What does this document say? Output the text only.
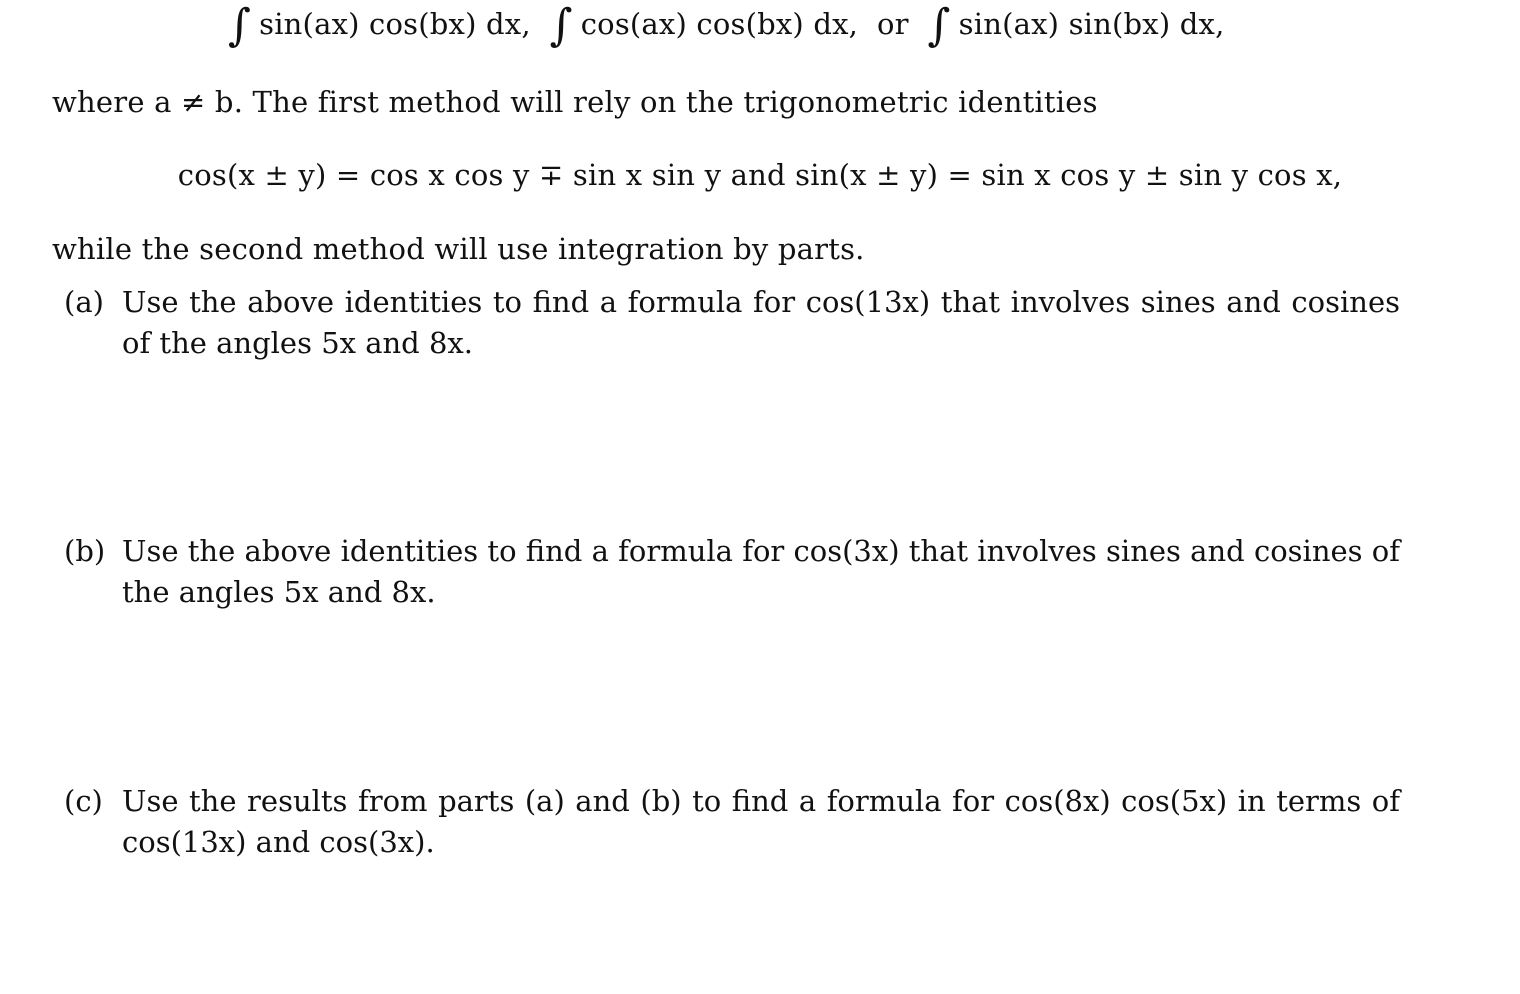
∫ sin(ax) cos(bx) dx, ∫ cos(ax) cos(bx) dx, or ∫ sin(ax) sin(bx) dx,
where a ≠ b. The first method will rely on the trigonometric identities
cos(x ± y) = cos x cos y ∓ sin x sin y and sin(x ± y) = sin x cos y ± sin y cos x,
while the second method will use integration by parts.
(a) Use the above identities to find a formula for cos(13x) that involves sines and cosines of the angles 5x and 8x.
(b) Use the above identities to find a formula for cos(3x) that involves sines and cosines of the angles 5x and 8x.
(c) Use the results from parts (a) and (b) to find a formula for cos(8x) cos(5x) in terms of cos(13x) and cos(3x).
